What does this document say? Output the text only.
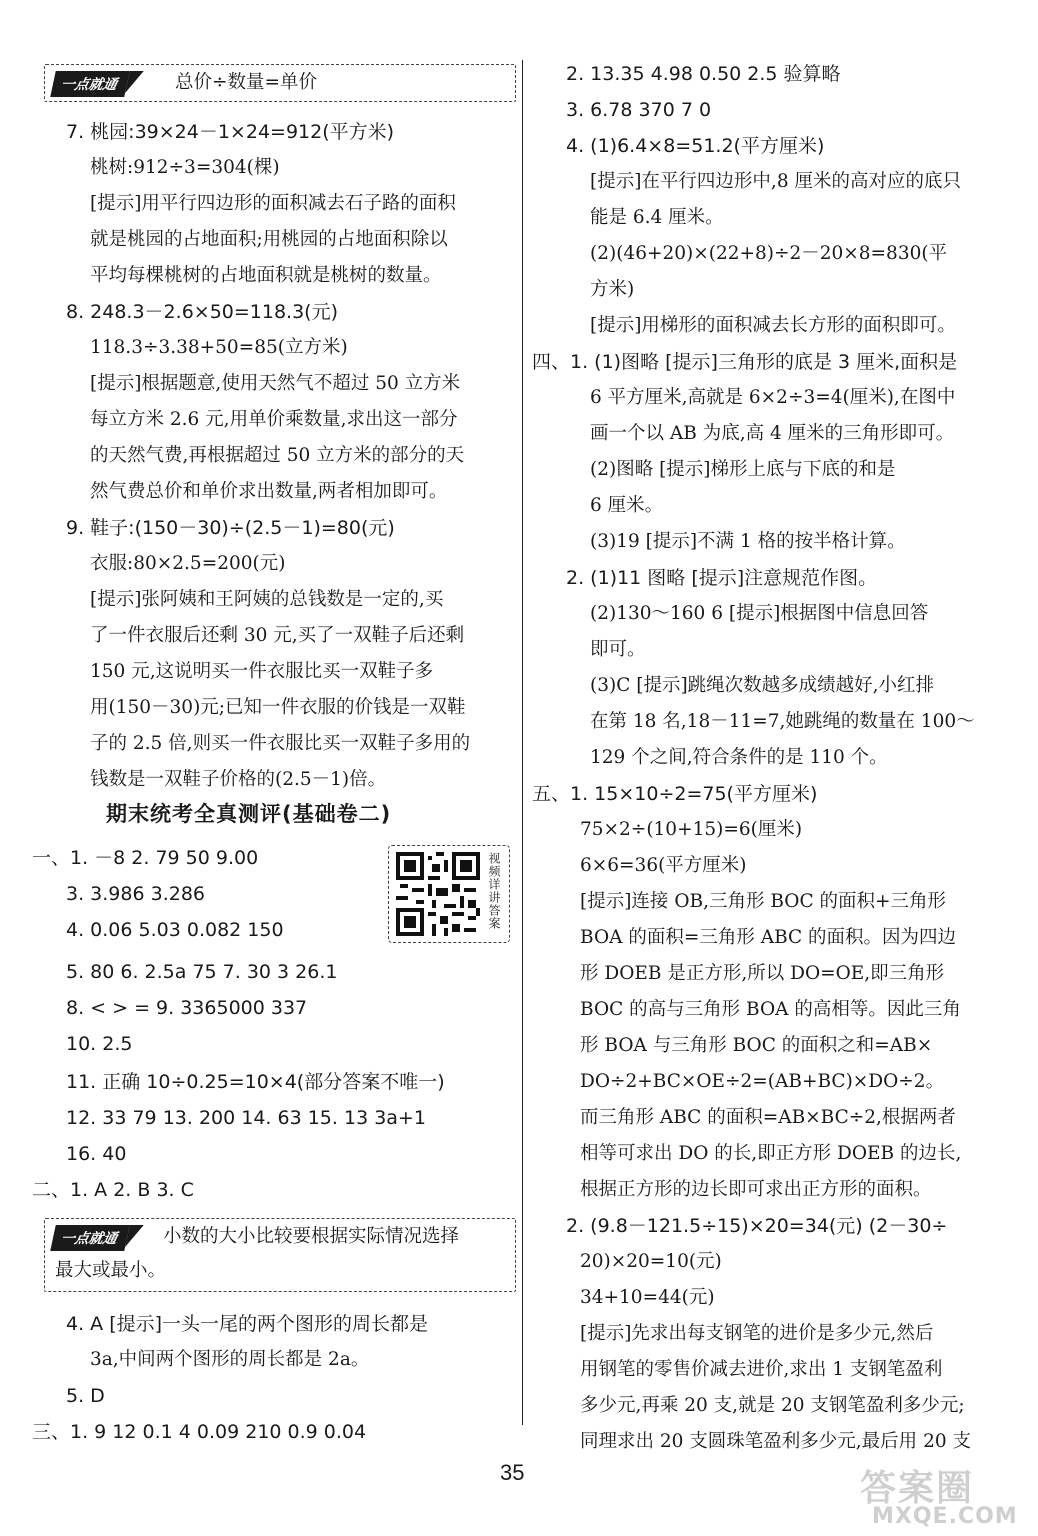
一点就通	总价÷数量=单价
7. 桃园:39×24－1×24=912(平方米)
桃树:912÷3=304(棵)
[提示]用平行四边形的面积减去石子路的面积
就是桃园的占地面积;用桃园的占地面积除以
平均每棵桃树的占地面积就是桃树的数量。
8. 248.3－2.6×50=118.3(元)
118.3÷3.38+50=85(立方米)
[提示]根据题意,使用天然气不超过 50 立方米
每立方米 2.6 元,用单价乘数量,求出这一部分
的天然气费,再根据超过 50 立方米的部分的天
然气费总价和单价求出数量,两者相加即可。
9. 鞋子:(150－30)÷(2.5－1)=80(元)
衣服:80×2.5=200(元)
[提示]张阿姨和王阿姨的总钱数是一定的,买
了一件衣服后还剩 30 元,买了一双鞋子后还剩
150 元,这说明买一件衣服比买一双鞋子多
用(150－30)元;已知一件衣服的价钱是一双鞋
子的 2.5 倍,则买一件衣服比买一双鞋子多用的
钱数是一双鞋子价格的(2.5－1)倍。
期末统考全真测评(基础卷二)
一、1. －8 2. 79 50 9.00
3. 3.986 3.286
4. 0.06 5.03 0.082 150
5. 80 6. 2.5a 75 7. 30 3 26.1
8. < > = 9. 3365000 337
10. 2.5
11. 正确 10÷0.25=10×4(部分答案不唯一)
12. 33 79 13. 200 14. 63 15. 13 3a+1
16. 40
二、1. A 2. B 3. C
一点就通	小数的大小比较要根据实际情况选择
最大或最小。
4. A [提示]一头一尾的两个图形的周长都是
3a,中间两个图形的周长都是 2a。
5. D
三、1. 9 12 0.1 4 0.09 210 0.9 0.04
视频详讲答案
2. 13.35 4.98 0.50 2.5 验算略
3. 6.78 370 7 0
4. (1)6.4×8=51.2(平方厘米)
[提示]在平行四边形中,8 厘米的高对应的底只
能是 6.4 厘米。
(2)(46+20)×(22+8)÷2－20×8=830(平
方米)
[提示]用梯形的面积减去长方形的面积即可。
四、1. (1)图略 [提示]三角形的底是 3 厘米,面积是
6 平方厘米,高就是 6×2÷3=4(厘米),在图中
画一个以 AB 为底,高 4 厘米的三角形即可。
(2)图略 [提示]梯形上底与下底的和是
6 厘米。
(3)19 [提示]不满 1 格的按半格计算。
2. (1)11 图略 [提示]注意规范作图。
(2)130～160 6 [提示]根据图中信息回答
即可。
(3)C [提示]跳绳次数越多成绩越好,小红排
在第 18 名,18－11=7,她跳绳的数量在 100～
129 个之间,符合条件的是 110 个。
五、1. 15×10÷2=75(平方厘米)
75×2÷(10+15)=6(厘米)
6×6=36(平方厘米)
[提示]连接 OB,三角形 BOC 的面积+三角形
BOA 的面积=三角形 ABC 的面积。因为四边
形 DOEB 是正方形,所以 DO=OE,即三角形
BOC 的高与三角形 BOA 的高相等。因此三角
形 BOA 与三角形 BOC 的面积之和=AB×
DO÷2+BC×OE÷2=(AB+BC)×DO÷2。
而三角形 ABC 的面积=AB×BC÷2,根据两者
相等可求出 DO 的长,即正方形 DOEB 的边长,
根据正方形的边长即可求出正方形的面积。
2. (9.8－121.5÷15)×20=34(元) (2－30÷
20)×20=10(元)
34+10=44(元)
[提示]先求出每支钢笔的进价是多少元,然后
用钢笔的零售价减去进价,求出 1 支钢笔盈利
多少元,再乘 20 支,就是 20 支钢笔盈利多少元;
同理求出 20 支圆珠笔盈利多少元,最后用 20 支
35	答案圈
MXQE.COM
